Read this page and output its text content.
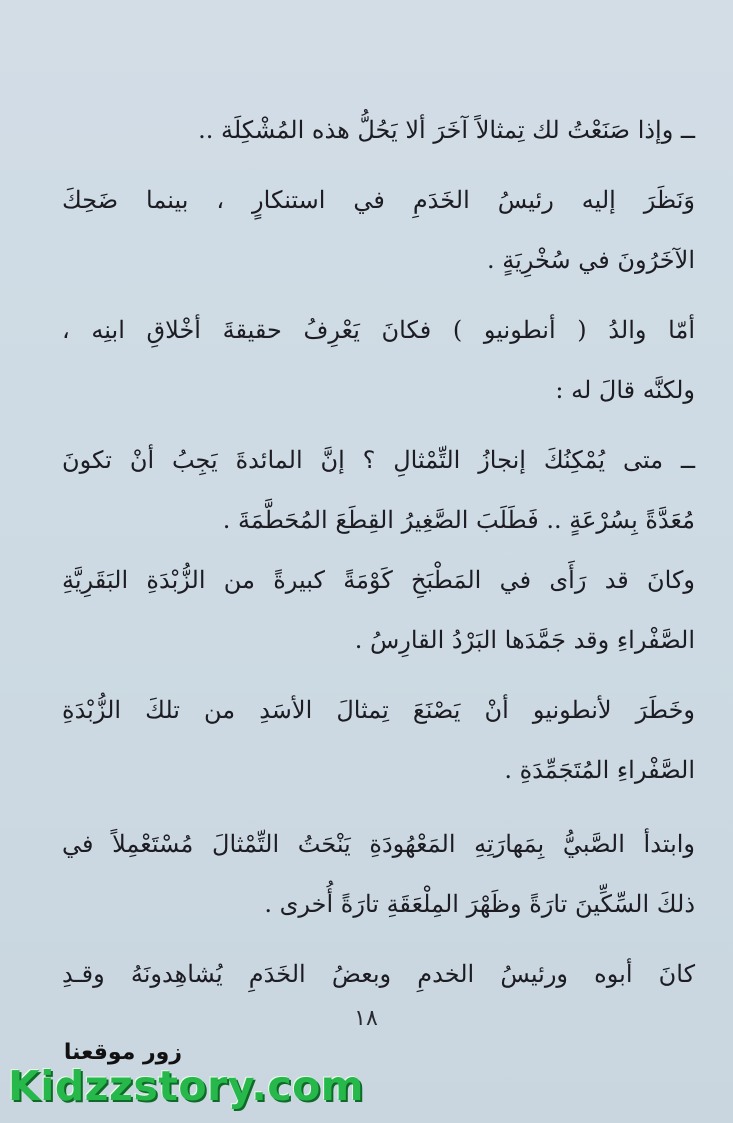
ــ وإذا صَنَعْتُ لك تِمثالاً آخَرَ ألا يَحُلُّ هذه المُشْكِلَة ..
وَنَظَرَ إليه رئيسُ الخَدَمِ في استنكارٍ ، بينما ضَحِكَ
الآخَرُونَ في سُخْرِيَةٍ .
أمّا والدُ ( أنطونيو ) فكانَ يَعْرِفُ حقيقةَ أخْلاقِ ابنِه ،
ولكنَّه قالَ له :
ــ متى يُمْكِنُكَ إنجازُ التِّمْثالِ ؟ إنَّ المائدةَ يَجِبُ أنْ تكونَ
مُعَدَّةً بِسُرْعَةٍ .. فَطَلَبَ الصَّغِيرُ القِطَعَ المُحَطَّمَةَ .
وكانَ قد رَأَى في المَطْبَخِ كَوْمَةً كبيرةً من الزُّبْدَةِ البَقَرِيَّةِ
الصَّفْراءِ وقد جَمَّدَها البَرْدُ القارِسُ .
وخَطَرَ لأنطونيو أنْ يَصْنَعَ تِمثالَ الأسَدِ من تلكَ الزُّبْدَةِ
الصَّفْراءِ المُتَجَمِّدَةِ .
وابتدأ الصَّبيُّ بِمَهارَتِهِ المَعْهُودَةِ يَنْحَتُ التِّمْثالَ مُسْتَعْمِلاً في
ذلكَ السِّكِّينَ تارَةً وظَهْرَ المِلْعَقَةِ تارَةً أُخرى .
كانَ أبوه ورئيسُ الخدمِ وبعضُ الخَدَمِ يُشاهِدونَهُ وقـدِ
١٨
زور موقعنا
Kidzzstory.com
